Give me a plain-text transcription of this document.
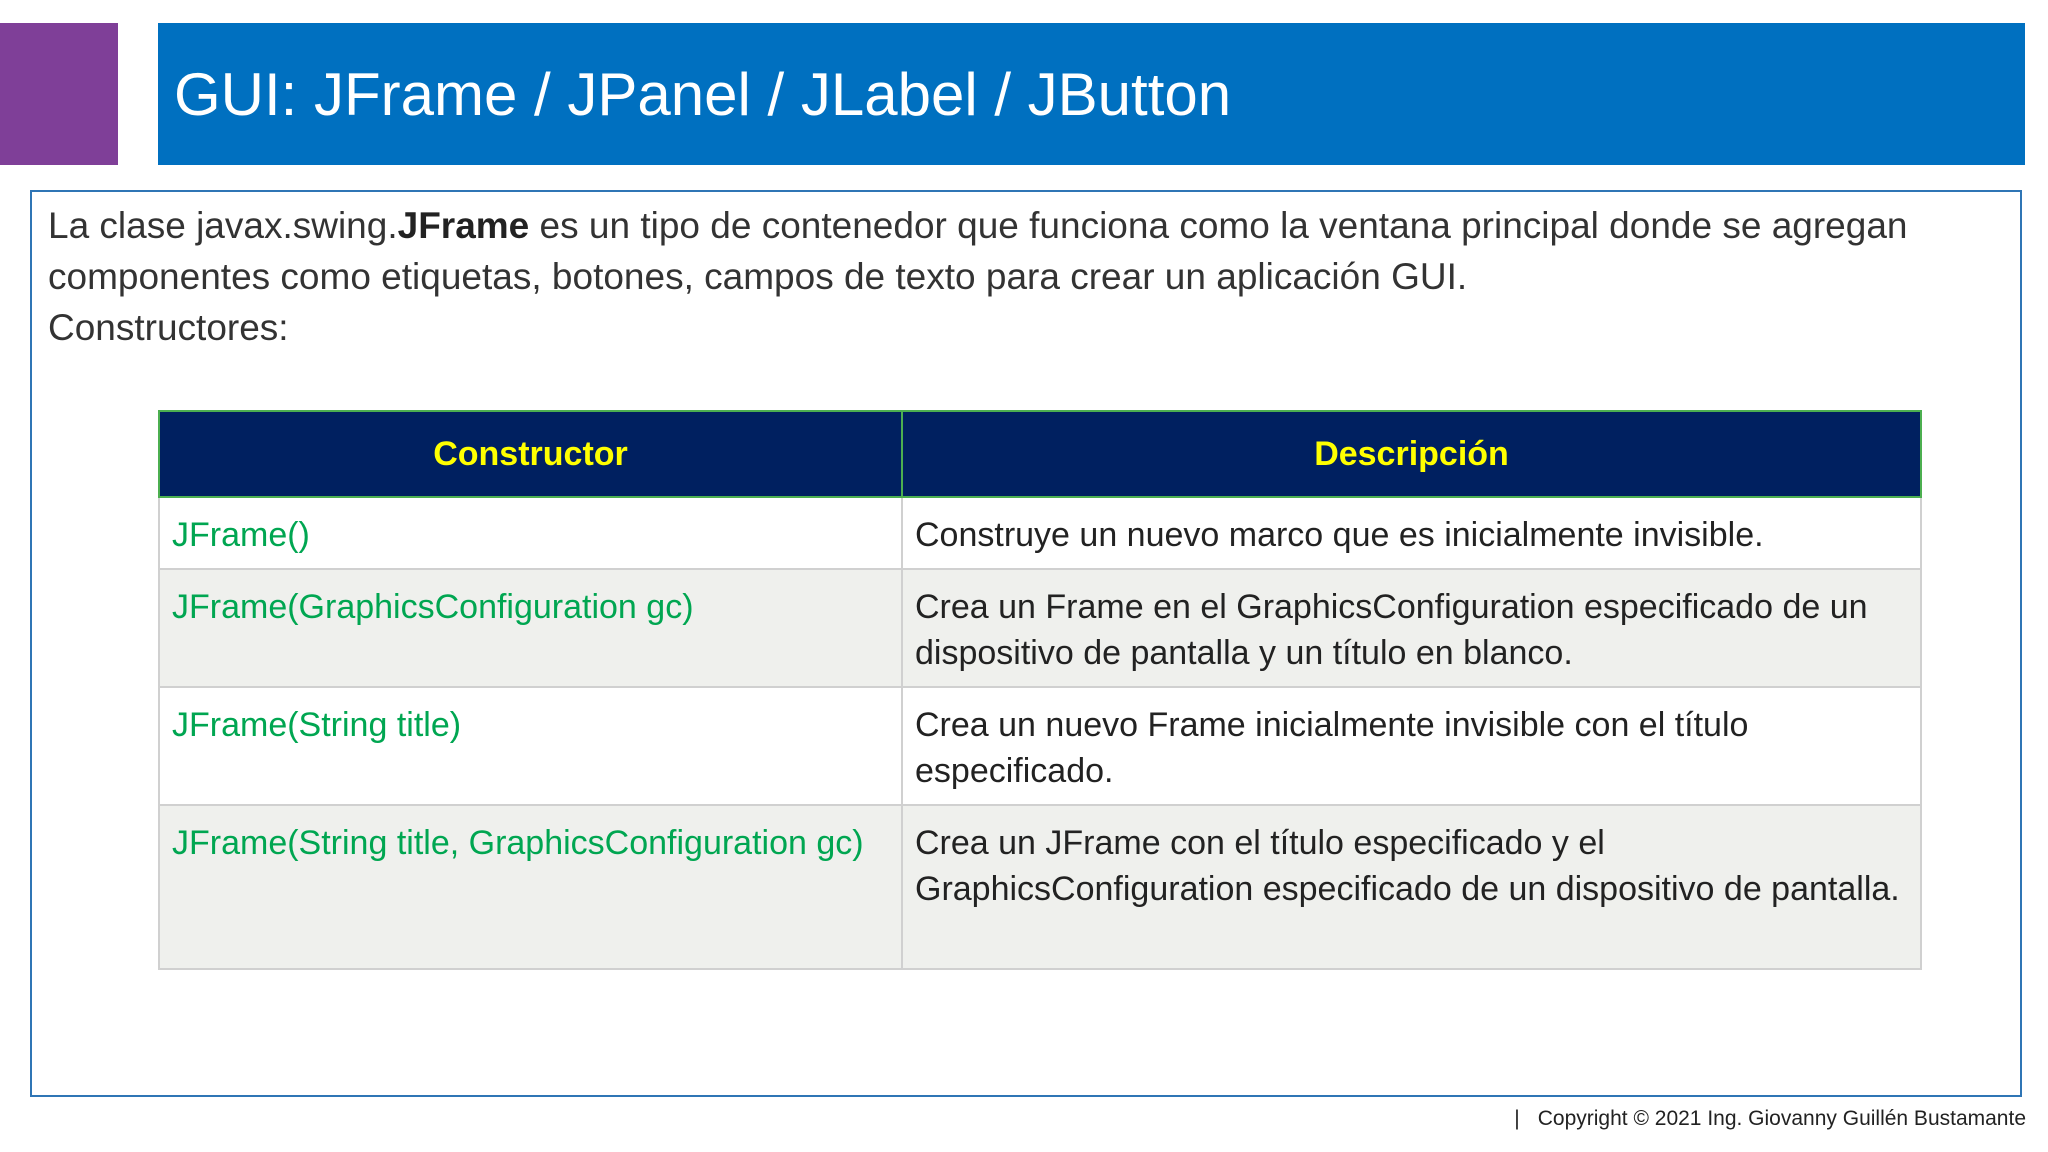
GUI: JFrame / JPanel / JLabel / JButton
La clase javax.swing.JFrame es un tipo de contenedor que funciona como la ventana principal donde se agregan componentes como etiquetas, botones, campos de texto para crear un aplicación GUI.
Constructores:
Constructor	Descripción
JFrame()	Construye un nuevo marco que es inicialmente invisible.
JFrame(GraphicsConfiguration gc)	Crea un Frame en el GraphicsConfiguration especificado de un dispositivo de pantalla y un título en blanco.
JFrame(String title)	Crea un nuevo Frame inicialmente invisible con el título especificado.
JFrame(String title, GraphicsConfiguration gc)	Crea un JFrame con el título especificado y el GraphicsConfiguration especificado de un dispositivo de pantalla.
| Copyright © 2021 Ing. Giovanny Guillén Bustamante
